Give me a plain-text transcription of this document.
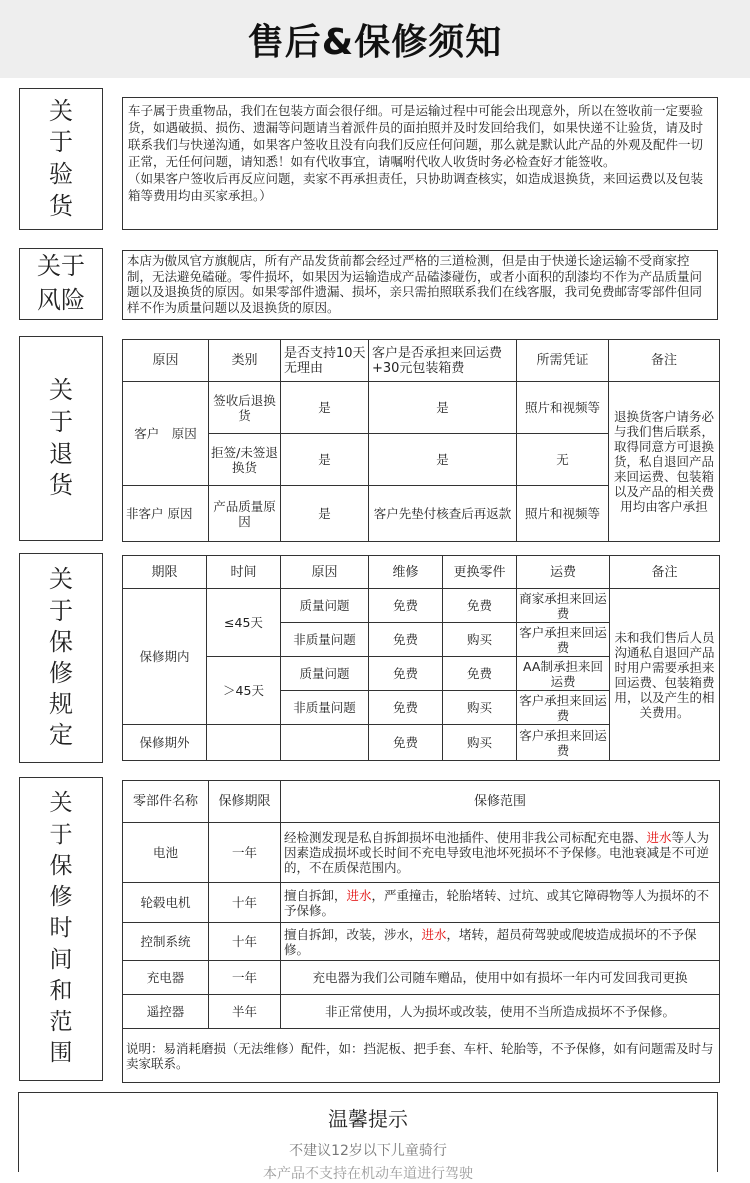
售后&保修须知
关
于
验
货

车子属于贵重物品，我们在包装方面会很仔细。可是运输过程中可能会出现意外，所以在签收前一定要验货，如遇破损、损伤、遗漏等问题请当着派件员的面拍照并及时发回给我们，如果快递不让验货，请及时联系我们与快递沟通，如果客户签收且没有向我们反应任何问题，那么就是默认此产品的外观及配件一切正常，无任何问题，请知悉！如有代收事宜，请嘱咐代收人收货时务必检查好才能签收。

（如果客户签收后再反应问题，卖家不再承担责任，只协助调查核实，如造成退换货，来回运费以及包装箱等费用均由买家承担。）

关于
风险

本店为傲凤官方旗舰店，所有产品发货前都会经过严格的三道检测，但是由于快递长途运输不受商家控制，无法避免磕碰。零件损坏，如果因为运输造成产品磕漆碰伤，或者小面积的刮漆均不作为产品质量问题以及退换货的原因。如果零部件遗漏、损坏，亲只需拍照联系我们在线客服，我司免费邮寄零部件但同样不作为质量问题以及退换货的原因。

关
于
退
货
原因	类别	是否支持10天无理由	客户是否承担来回运费+30元包装箱费	所需凭证	备注
客户　原因	签收后退换货	是	是	照片和视频等	退换货客户请务必与我们售后联系，取得同意方可退换货，私自退回产品来回运费、包装箱以及产品的相关费用均由客户承担
	拒签/未签退换货	是	是	无	
非客户 原因	产品质量原因	是	客户先垫付核查后再返款	照片和视频等	
关
于
保
修
规
定
期限	时间	原因	维修	更换零件	运费	备注
保修期内	≤45天	质量问题	免费	免费	商家承担来回运费	未和我们售后人员沟通私自退回产品时用户需要承担来回运费、包装箱费用，以及产生的相关费用。
		非质量问题	免费	购买	客户承担来回运费	
	＞45天	质量问题	免费	免费	AA制承担来回运费	
		非质量问题	免费	购买	客户承担来回运费	
保修期外			免费	购买	客户承担来回运费	
关
于
保
修
时
间
和
范
围
零部件名称	保修期限	保修范围
电池	一年	经检测发现是私自拆卸损坏电池插件、使用非我公司标配充电器、进水等人为因素造成损坏或长时间不充电导致电池坏死损坏不予保修。电池衰减是不可逆的，不在质保范围内。
轮毂电机	十年	擅自拆卸，进水，严重撞击，轮胎堵转、过坑、或其它障碍物等人为损坏的不予保修。
控制系统	十年	擅自拆卸，改装，涉水，进水，堵转，超员荷驾驶或爬坡造成损坏的不予保修。
充电器	一年	充电器为我们公司随车赠品，使用中如有损坏一年内可发回我司更换
遥控器	半年	非正常使用，人为损坏或改装，使用不当所造成损坏不予保修。
说明：易消耗磨损（无法维修）配件，如：挡泥板、把手套、车杆、轮胎等，不予保修，如有问题需及时与卖家联系。		
温馨提示
不建议12岁以下儿童骑行
本产品不支持在机动车道进行驾驶
